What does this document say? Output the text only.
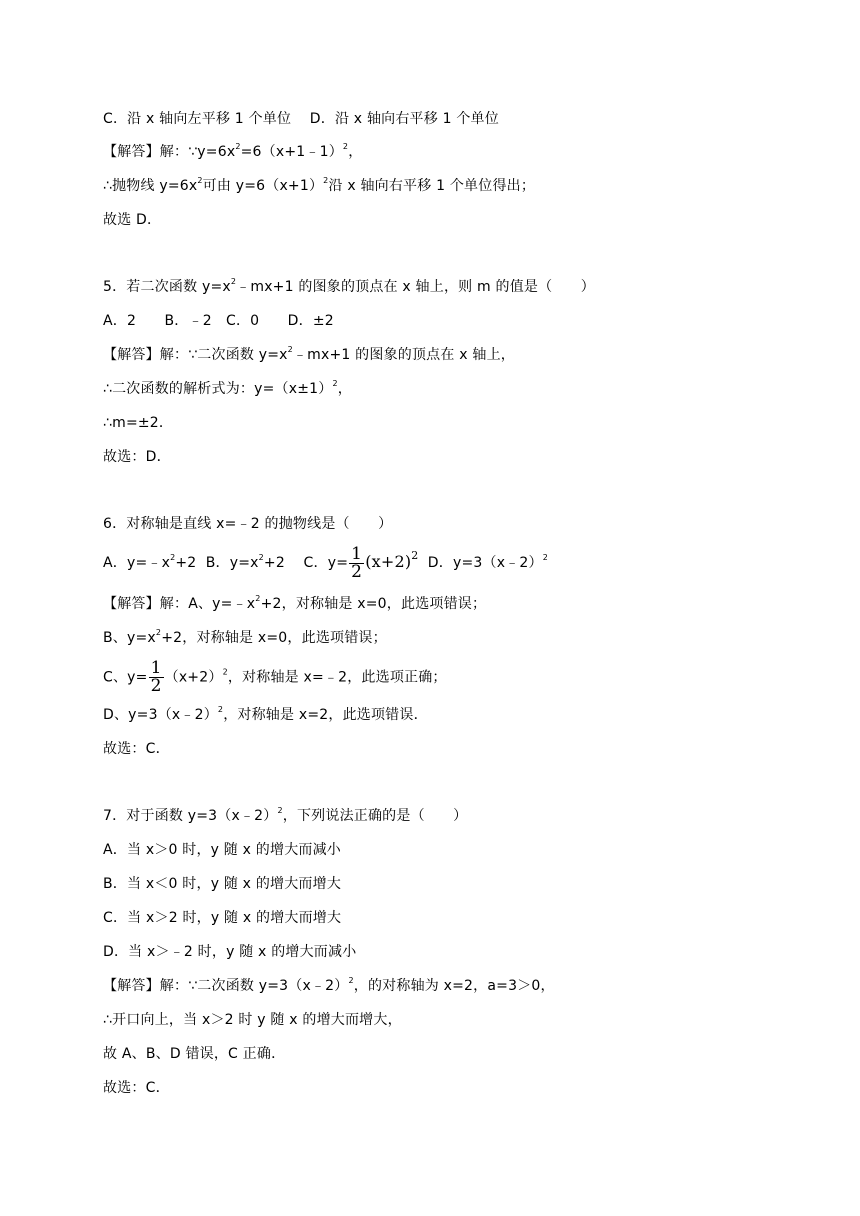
C．沿 x 轴向左平移 1 个单位 D．沿 x 轴向右平移 1 个单位
【解答】解：$\because y=6x^2=6(x+1﹣1)^2$，
∴抛物线 $y=6x^2$可由 $y=6(x+1)^2$沿 x 轴向右平移 1 个单位得出；
故选 D．
5．若二次函数 $y=x^2﹣mx+1$ 的图象的顶点在 x 轴上，则 m 的值是（　　）
A．2　　B．﹣2　C．0　　D．±2
【解答】解：∵二次函数 $y=x^2﹣mx+1$ 的图象的顶点在 x 轴上，
∴二次函数的解析式为：$y=(x\pm 1)^2$，
∴m=±2．
故选：D．
6．对称轴是直线 x=﹣2 的抛物线是（　　）
A．$y=﹣x^2+2$  B．$y=x^2+2$    C．$y= \frac{1}{2} (x+2)^2$  D．y=3（x﹣2）$^2$
【解答】解：A、$y=﹣x^2+2$，对称轴是 x=0，此选项错误；
B、$y=x^2+2$，对称轴是 x=0，此选项错误；
C、$y= \frac{1}{2} (x+2)^2$，对称轴是 x=﹣2，此选项正确；
D、y=3（x﹣2）$^2$，对称轴是 x=2，此选项错误．
故选：C．
7．对于函数 y=3（x﹣2）$^2$，下列说法正确的是（　　）
A．当 x＞0 时，y 随 x 的增大而减小
B．当 x＜0 时，y 随 x 的增大而增大
C．当 x＞2 时，y 随 x 的增大而增大
D．当 x＞﹣2 时，y 随 x 的增大而减小
【解答】解：∵二次函数 y=3（x﹣2）$^2$，的对称轴为 x=2，a=3＞0，
∴开口向上，当 x＞2 时 y 随 x 的增大而增大，
故 A、B、D 错误，C 正确．
故选：C．
